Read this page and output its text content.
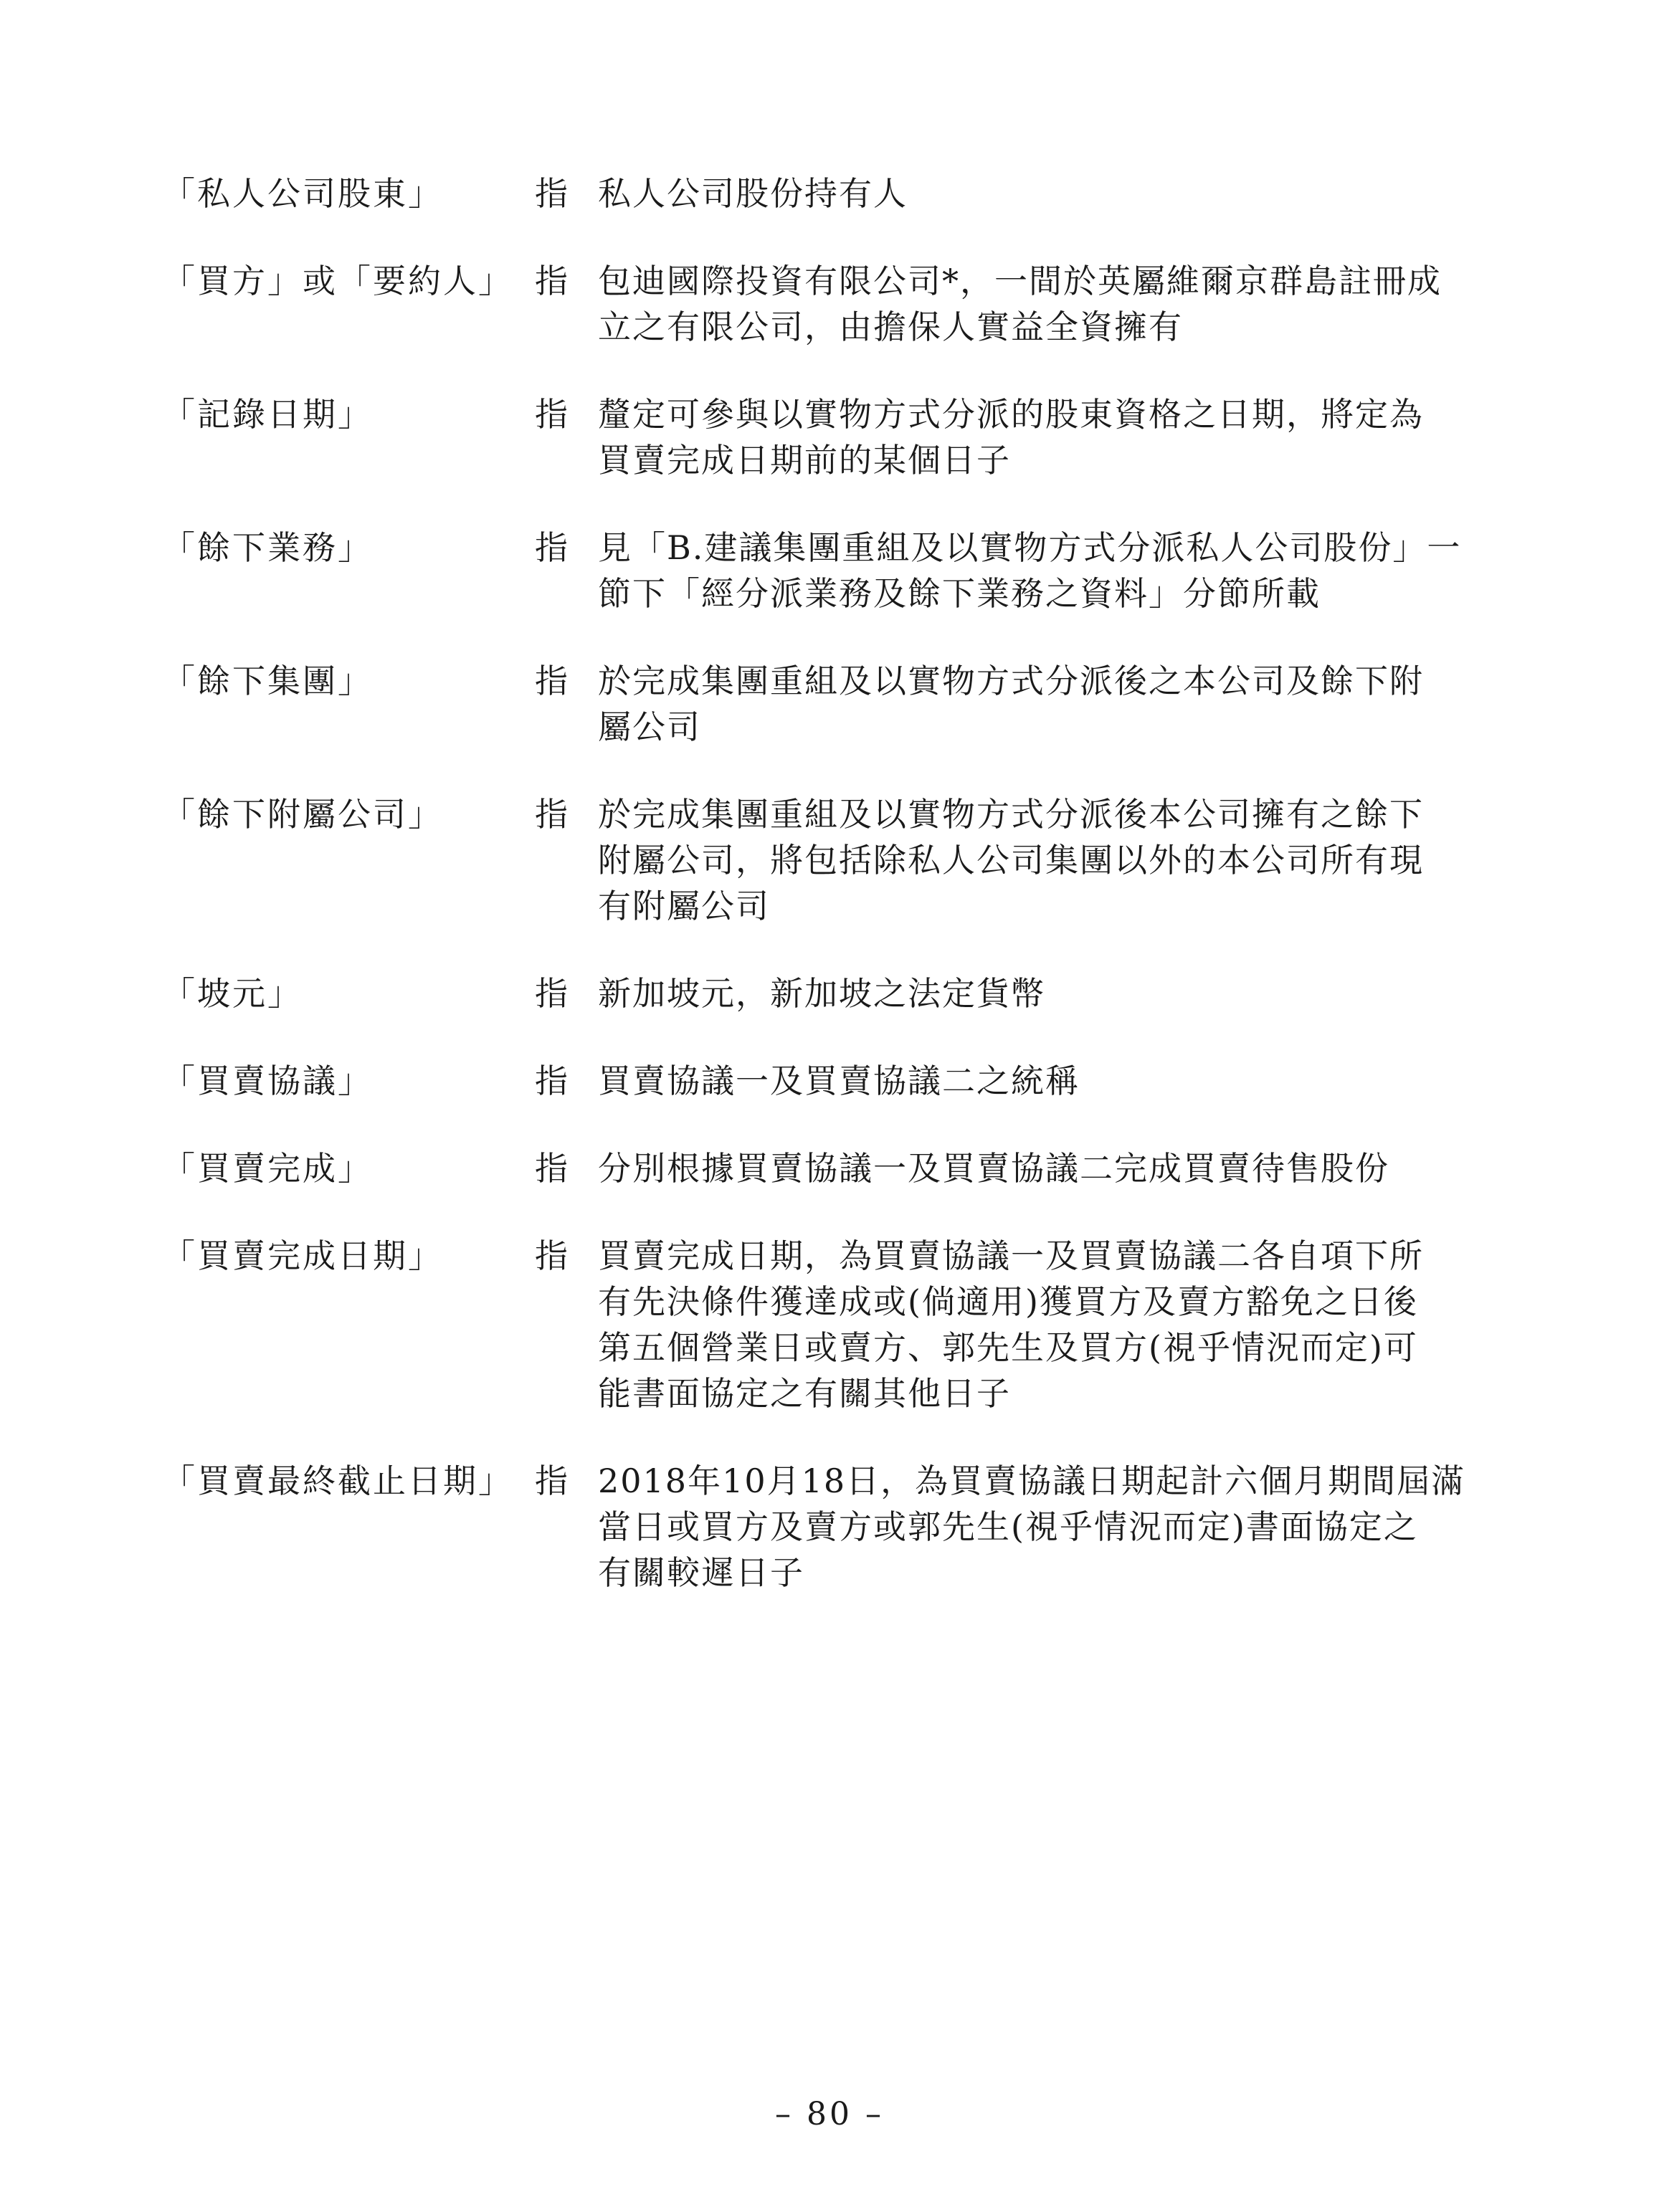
「私人公司股東」	指 私人公司股份持有人
「買方」或「要約人」 指 包迪國際投資有限公司*，一間於英屬維爾京群島註冊成
立之有限公司，由擔保人實益全資擁有
「記錄日期」	指 釐定可參與以實物方式分派的股東資格之日期，將定為
買賣完成日期前的某個日子
「餘下業務」	指 見「B.建議集團重組及以實物方式分派私人公司股份」一
節下「經分派業務及餘下業務之資料」分節所載
「餘下集團」	指 於完成集團重組及以實物方式分派後之本公司及餘下附
屬公司
「餘下附屬公司」	指 於完成集團重組及以實物方式分派後本公司擁有之餘下
附屬公司，將包括除私人公司集團以外的本公司所有現
有附屬公司
「坡元」	指 新加坡元，新加坡之法定貨幣
「買賣協議」	指 買賣協議一及買賣協議二之統稱
「買賣完成」	指 分別根據買賣協議一及買賣協議二完成買賣待售股份
「買賣完成日期」	指 買賣完成日期，為買賣協議一及買賣協議二各自項下所
有先決條件獲達成或(倘適用)獲買方及賣方豁免之日後
第五個營業日或賣方、郭先生及買方(視乎情況而定)可
能書面協定之有關其他日子
「買賣最終截止日期」 指 2018年10月18日，為買賣協議日期起計六個月期間屆滿
當日或買方及賣方或郭先生(視乎情況而定)書面協定之
有關較遲日子
– 80 –
